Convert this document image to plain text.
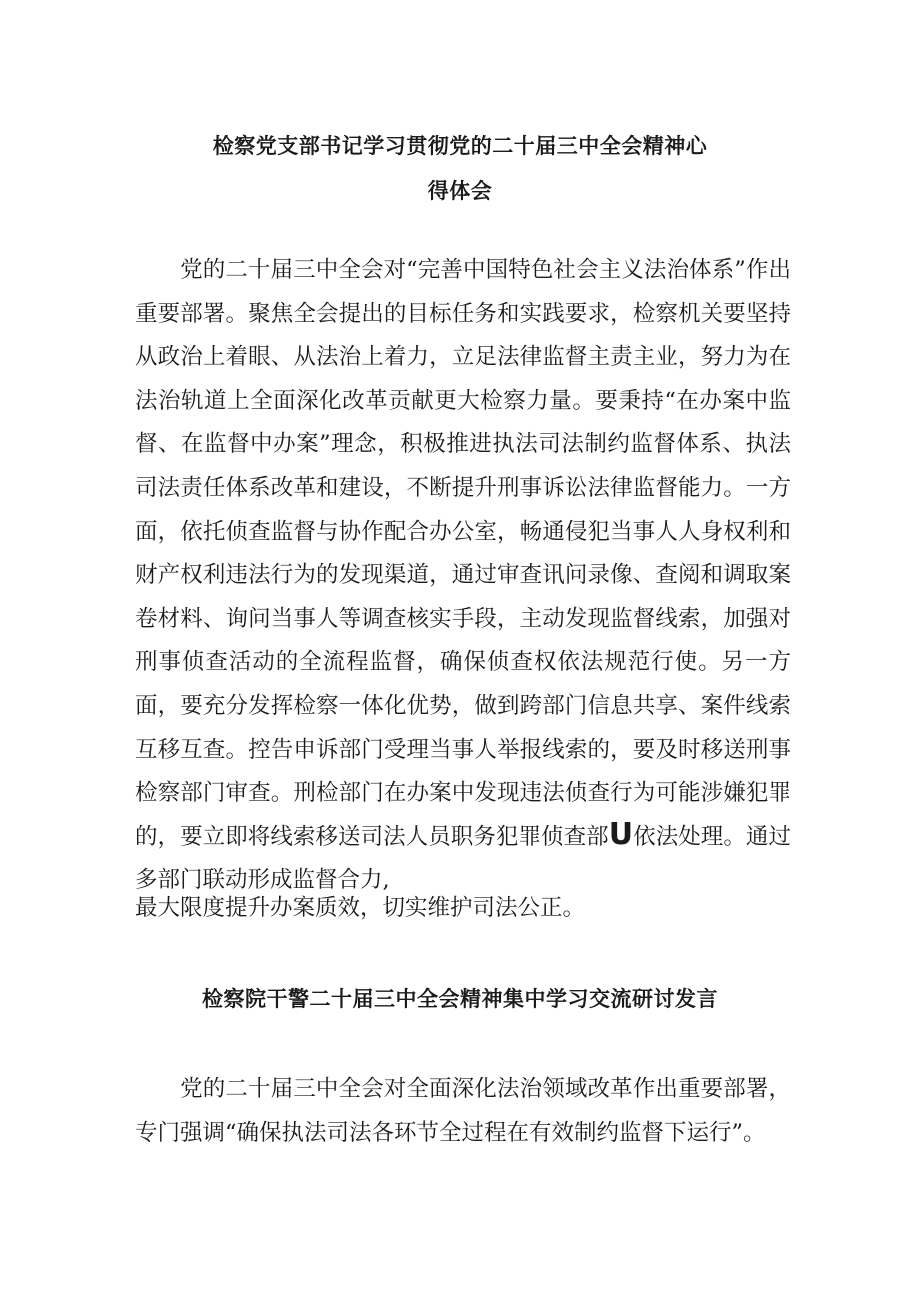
检察党支部书记学习贯彻党的二十届三中全会精神心
得体会

党的二十届三中全会对“完善中国特色社会主义法治体系”作出重要部署。聚焦全会提出的目标任务和实践要求，检察机关要坚持从政治上着眼、从法治上着力，立足法律监督主责主业，努力为在法治轨道上全面深化改革贡献更大检察力量。要秉持“在办案中监督、在监督中办案”理念，积极推进执法司法制约监督体系、执法司法责任体系改革和建设，不断提升刑事诉讼法律监督能力。一方面，依托侦查监督与协作配合办公室，畅通侵犯当事人人身权利和财产权利违法行为的发现渠道，通过审查讯问录像、查阅和调取案卷材料、询问当事人等调查核实手段，主动发现监督线索，加强对刑事侦查活动的全流程监督，确保侦查权依法规范行使。另一方面，要充分发挥检察一体化优势，做到跨部门信息共享、案件线索互移互查。控告申诉部门受理当事人举报线索的，要及时移送刑事检察部门审查。刑检部门在办案中发现违法侦查行为可能涉嫌犯罪的，要立即将线索移送司法人员职务犯罪侦查部U依法处理。通过多部门联动形成监督合力,

最大限度提升办案质效，切实维护司法公正。

检察院干警二十届三中全会精神集中学习交流研讨发言

党的二十届三中全会对全面深化法治领域改革作出重要部署，专门强调“确保执法司法各环节全过程在有效制约监督下运行”。
